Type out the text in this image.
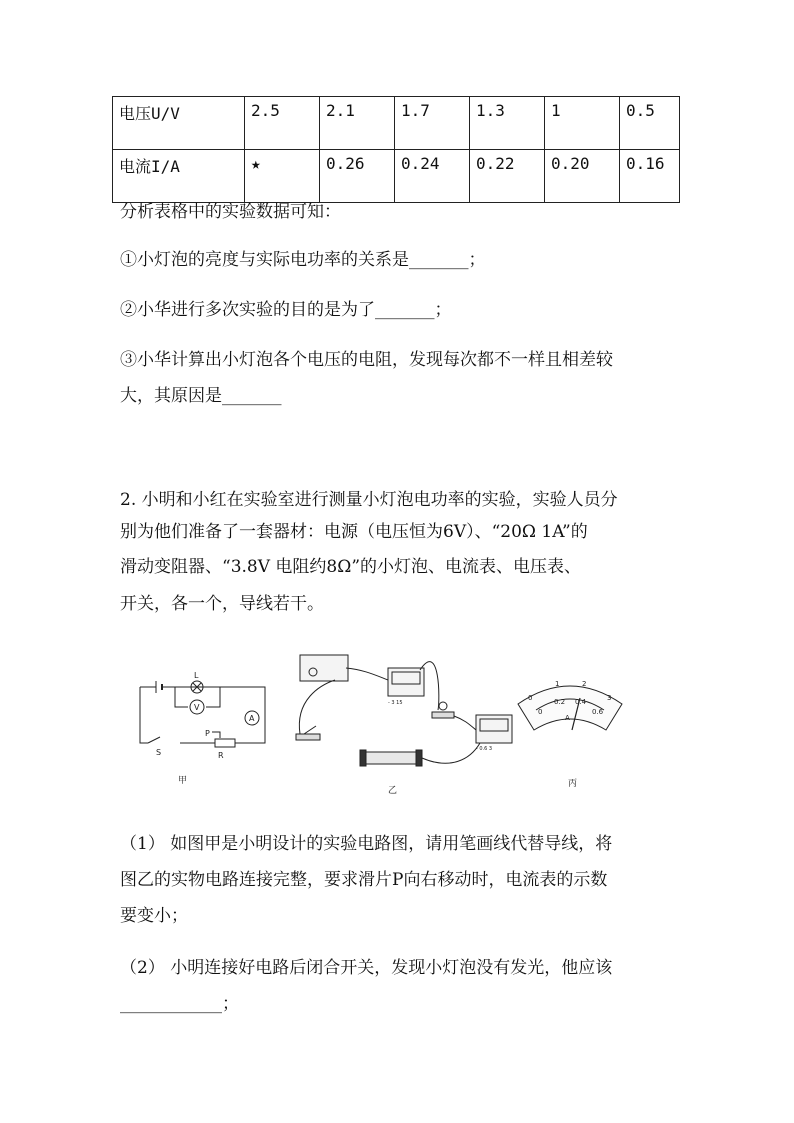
电压U/V	2.5	2.1	1.7	1.3	1	0.5
电流I/A	★	0.26	0.24	0.22	0.20	0.16
分析表格中的实验数据可知：
①小灯泡的亮度与实际电功率的关系是_______；
②小华进行多次实验的目的是为了_______；
③小华计算出小灯泡各个电压的电阻，发现每次都不一样且相差较
大，其原因是_______
2. 小明和小红在实验室进行测量小灯泡电功率的实验，实验人员分
别为他们准备了一套器材：电源（电压恒为6V）、“20Ω 1A”的
滑动变阻器、“3.8V 电阻约8Ω”的小灯泡、电流表、电压表、
开关，各一个，导线若干。
L
V
A
S
P
R
甲
- 3 15
- 0.6 3
乙
0
1	2
3
0
0.2 0.4
0.6
A
丙
（1） 如图甲是小明设计的实验电路图，请用笔画线代替导线，将
图乙的实物电路连接完整，要求滑片P向右移动时，电流表的示数
要变小；
（2） 小明连接好电路后闭合开关，发现小灯泡没有发光，他应该
____________；
